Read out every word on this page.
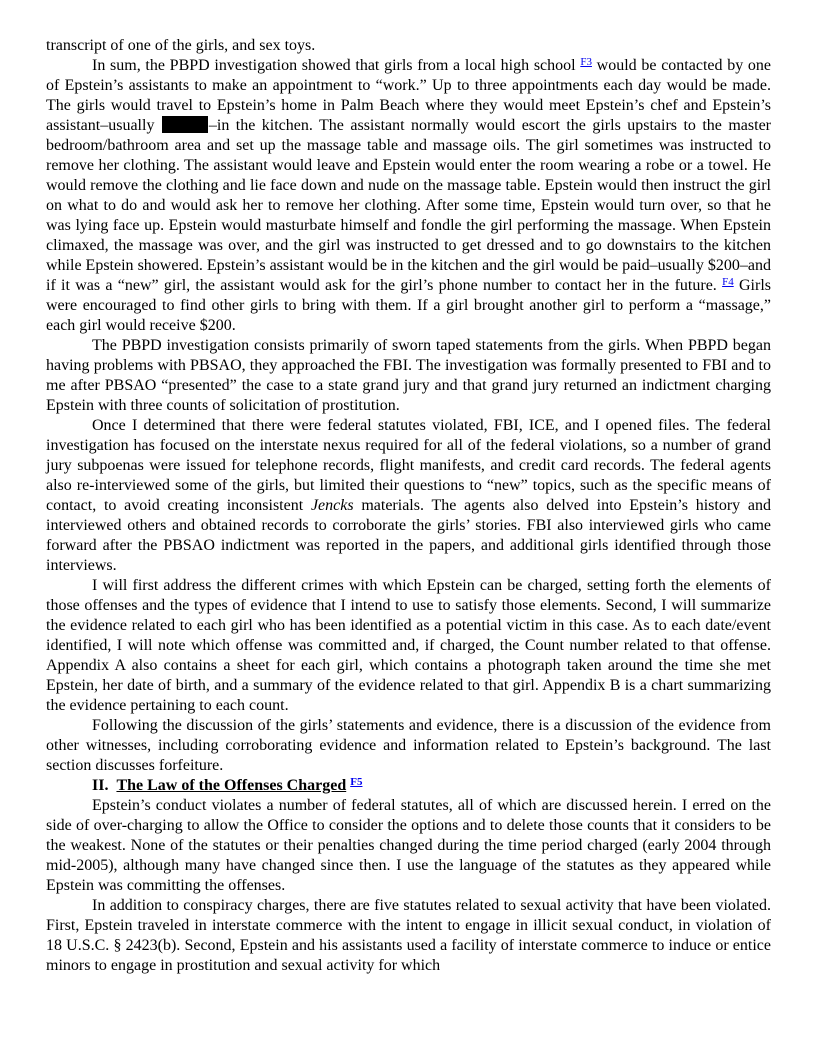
transcript of one of the girls, and sex toys.

In sum, the PBPD investigation showed that girls from a local high school $^{F3}$ would be contacted by one of Epstein’s assistants to make an appointment to “work.” Up to three appointments each day would be made. The girls would travel to Epstein’s home in Palm Beach where they would meet Epstein’s chef and Epstein’s assistant–usually	–in the kitchen. The assistant normally would escort the girls upstairs to the master bedroom/bathroom area and set up the massage table and massage oils. The girl sometimes was instructed to remove her clothing. The assistant would leave and Epstein would enter the room wearing a robe or a towel. He would remove the clothing and lie face down and nude on the massage table. Epstein would then instruct the girl on what to do and would ask her to remove her clothing. After some time, Epstein would turn over, so that he was lying face up. Epstein would masturbate himself and fondle the girl performing the massage. When Epstein climaxed, the massage was over, and the girl was instructed to get dressed and to go downstairs to the kitchen while Epstein showered. Epstein’s assistant would be in the kitchen and the girl would be paid–usually $200–and if it was a “new” girl, the assistant would ask for the girl’s phone number to contact her in the future. $^{F4}$ Girls were encouraged to find other girls to bring with them. If a girl brought another girl to perform a “massage,” each girl would receive $200.

The PBPD investigation consists primarily of sworn taped statements from the girls. When PBPD began having problems with PBSAO, they approached the FBI. The investigation was formally presented to FBI and to me after PBSAO “presented” the case to a state grand jury and that grand jury returned an indictment charging Epstein with three counts of solicitation of prostitution.

Once I determined that there were federal statutes violated, FBI, ICE, and I opened files. The federal investigation has focused on the interstate nexus required for all of the federal violations, so a number of grand jury subpoenas were issued for telephone records, flight manifests, and credit card records. The federal agents also re-interviewed some of the girls, but limited their questions to “new” topics, such as the specific means of contact, to avoid creating inconsistent Jencks materials. The agents also delved into Epstein’s history and interviewed others and obtained records to corroborate the girls’ stories. FBI also interviewed girls who came forward after the PBSAO indictment was reported in the papers, and additional girls identified through those interviews.

I will first address the different crimes with which Epstein can be charged, setting forth the elements of those offenses and the types of evidence that I intend to use to satisfy those elements. Second, I will summarize the evidence related to each girl who has been identified as a potential victim in this case. As to each date/event identified, I will note which offense was committed and, if charged, the Count number related to that offense. Appendix A also contains a sheet for each girl, which contains a photograph taken around the time she met Epstein, her date of birth, and a summary of the evidence related to that girl. Appendix B is a chart summarizing the evidence pertaining to each count.

Following the discussion of the girls’ statements and evidence, there is a discussion of the evidence from other witnesses, including corroborating evidence and information related to Epstein’s background. The last section discusses forfeiture.

II. The Law of the Offenses Charged $^{F5}$

Epstein’s conduct violates a number of federal statutes, all of which are discussed herein. I erred on the side of over-charging to allow the Office to consider the options and to delete those counts that it considers to be the weakest. None of the statutes or their penalties changed during the time period charged (early 2004 through mid-2005), although many have changed since then. I use the language of the statutes as they appeared while Epstein was committing the offenses.

In addition to conspiracy charges, there are five statutes related to sexual activity that have been violated. First, Epstein traveled in interstate commerce with the intent to engage in illicit sexual conduct, in violation of 18 U.S.C. § 2423(b). Second, Epstein and his assistants used a facility of interstate commerce to induce or entice minors to engage in prostitution and sexual activity for which
